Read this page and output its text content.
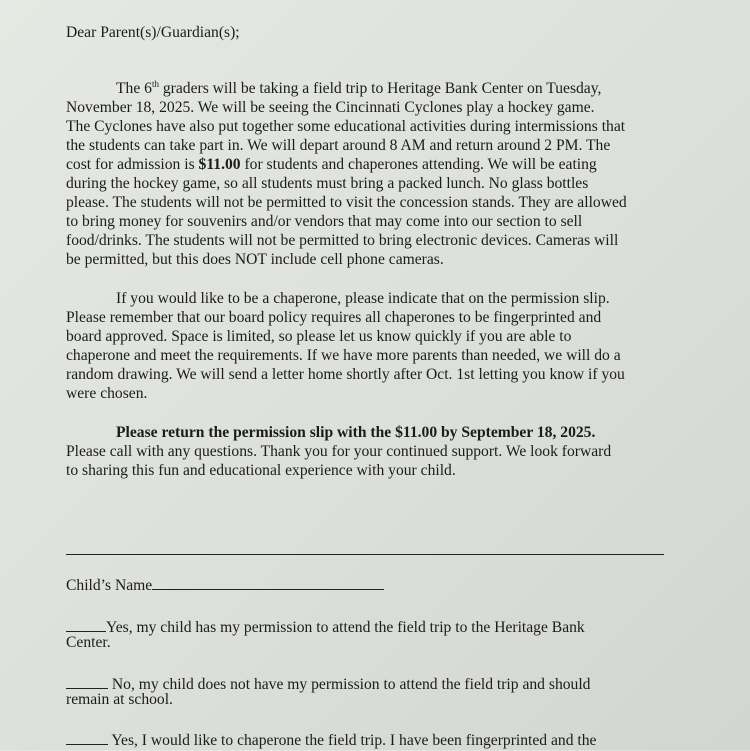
Dear Parent(s)/Guardian(s);
The 6th graders will be taking a field trip to Heritage Bank Center on Tuesday,
November 18, 2025. We will be seeing the Cincinnati Cyclones play a hockey game.
The Cyclones have also put together some educational activities during intermissions that
the students can take part in. We will depart around 8 AM and return around 2 PM. The
cost for admission is $11.00 for students and chaperones attending. We will be eating
during the hockey game, so all students must bring a packed lunch. No glass bottles
please. The students will not be permitted to visit the concession stands. They are allowed
to bring money for souvenirs and/or vendors that may come into our section to sell
food/drinks. The students will not be permitted to bring electronic devices. Cameras will
be permitted, but this does NOT include cell phone cameras.
If you would like to be a chaperone, please indicate that on the permission slip.
Please remember that our board policy requires all chaperones to be fingerprinted and
board approved. Space is limited, so please let us know quickly if you are able to
chaperone and meet the requirements. If we have more parents than needed, we will do a
random drawing. We will send a letter home shortly after Oct. 1st letting you know if you
were chosen.
Please return the permission slip with the $11.00 by September 18, 2025.
Please call with any questions. Thank you for your continued support. We look forward
to sharing this fun and educational experience with your child.
Child’s Name
Yes, my child has my permission to attend the field trip to the Heritage Bank
Center.
No, my child does not have my permission to attend the field trip and should
remain at school.
Yes, I would like to chaperone the field trip. I have been fingerprinted and the
